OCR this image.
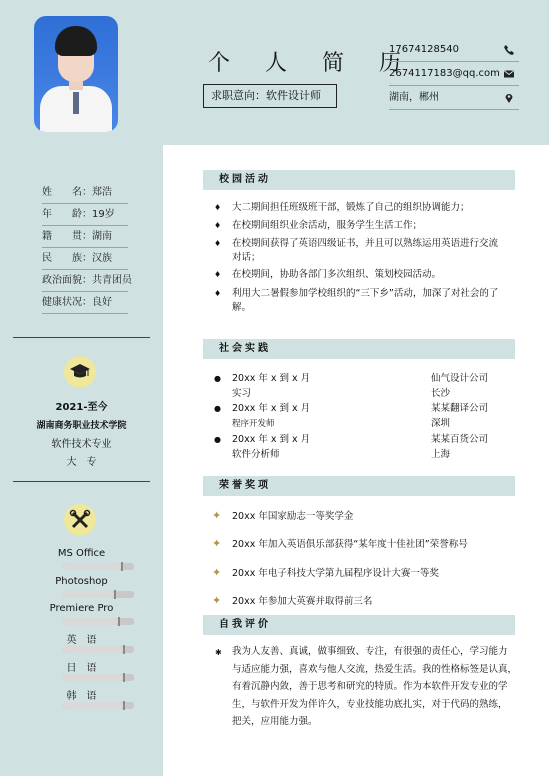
个 人 简 历
求职意向：软件设计师
17674128540
2674117183@qq.com
湖南，郴州
姓　　名：郑浩
年　　龄：19岁
籍　　贯：湖南
民　　族：汉族
政治面貌：共青团员
健康状况：良好
2021-至今
湖南商务职业技术学院
软件技术专业
大　专
MS Office
Photoshop
Premiere Pro
英　语
日　语
韩　语
校园活动
♦ 大二期间担任班级班干部，锻炼了自己的组织协调能力；
♦ 在校期间组织业余活动，服务学生生活工作；
♦ 在校期间获得了英语四级证书，并且可以熟练运用英语进行交流对话；
♦ 在校期间，协助各部门多次组织、策划校园活动。
♦ 利用大二暑假参加学校组织的“三下乡”活动，加深了对社会的了解。
社会实践
● 20xx 年 x 到 x 月
实习
仙气设计公司
长沙
● 20xx 年 x 到 x 月
程序开发师
某某翻译公司
深圳
● 20xx 年 x 到 x 月
软件分析师
某某百货公司
上海
荣誉奖项
✦ 20xx 年国家励志一等奖学金
✦ 20xx 年加入英语俱乐部获得“某年度十佳社团”荣誉称号
✦ 20xx 年电子科技大学第九届程序设计大赛一等奖
✦ 20xx 年参加大英赛并取得前三名
自我评价
✱ 我为人友善、真诚，做事细致、专注，有很强的责任心，学习能力
与适应能力强，喜欢与他人交流，热爱生活。我的性格标签是认真，
有着沉静内敛，善于思考和研究的特质。作为本软件开发专业的学
生，与软件开发为伴许久，专业技能功底扎实，对于代码的熟练，
把关，应用能力强。
